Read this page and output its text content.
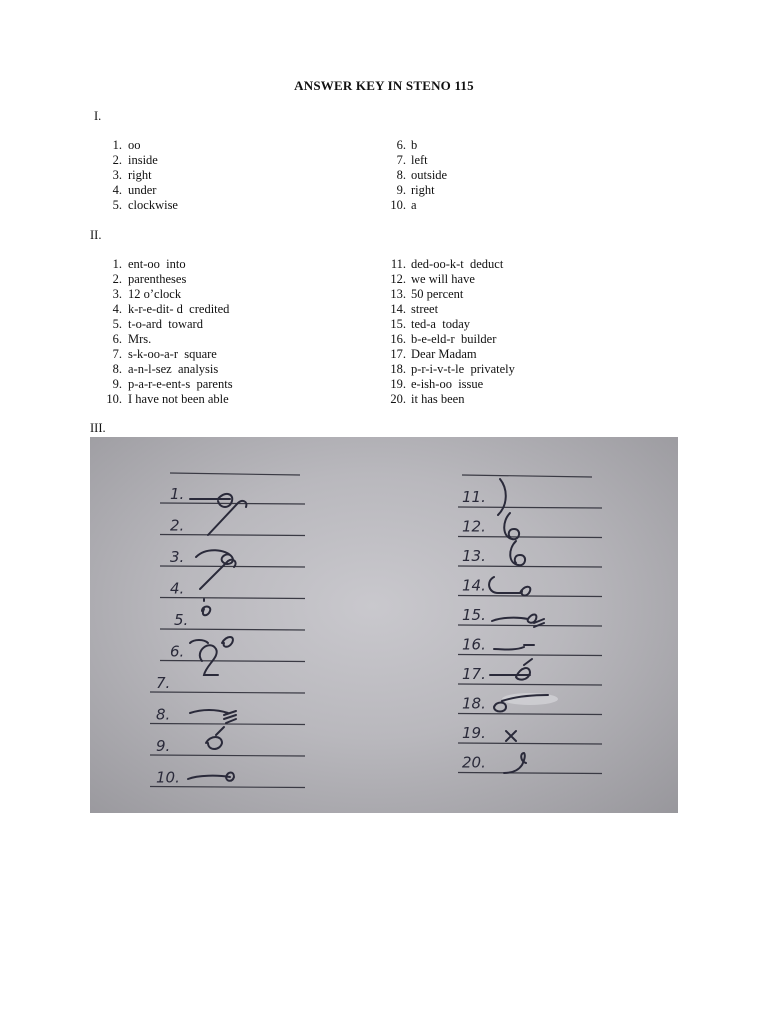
ANSWER KEY IN STENO 115
I.
1. oo
2. inside
3. right
4. under
5. clockwise
6. b
7. left
8. outside
9. right
10. a
II.
1. ent-oo  into
2. parentheses
3. 12 o’clock
4. k-r-e-dit- d  credited
5. t-o-ard  toward
6. Mrs.
7. s-k-oo-a-r  square
8. a-n-l-sez  analysis
9. p-a-r-e-ent-s  parents
10. I have not been able
11. ded-oo-k-t  deduct
12. we will have
13. 50 percent
14. street
15. ted-a  today
16. b-e-eld-r  builder
17. Dear Madam
18. p-r-i-v-t-le  privately
19. e-ish-oo  issue
20. it has been
III.
1.
2.
3.
4.
5.
6.
7.
8.
9.
10.
11.
12.
13.
14.
15.
16.
17.
18.
19.
20.
